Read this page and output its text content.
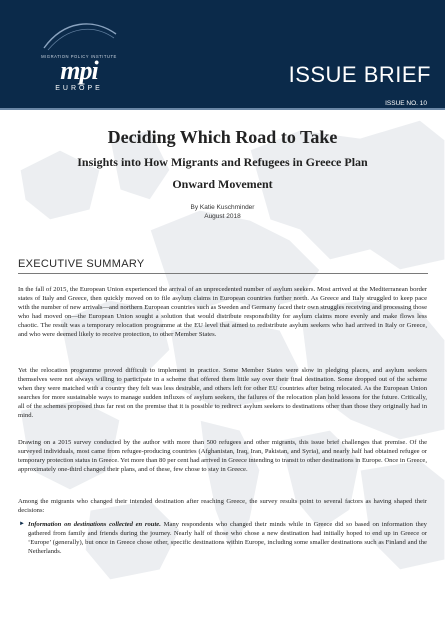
MIGRATION POLICY INSTITUTE
mpi
EUROPE
ISSUE BRIEF
ISSUE NO. 10
Deciding Which Road to Take
Insights into How Migrants and Refugees in Greece Plan
Onward Movement
By Katie Kuschminder
August 2018
EXECUTIVE SUMMARY
In the fall of 2015, the European Union experienced the arrival of an unprecedented number of asylum seekers. Most arrived at the Mediterranean border states of Italy and Greece, then quickly moved on to file asylum claims in European countries further north. As Greece and Italy struggled to keep pace with the number of new arrivals—and northern European countries such as Sweden and Germany faced their own struggles receiving and processing those who had moved on—the European Union sought a solution that would distribute responsibility for asylum claims more evenly and make flows less chaotic. The result was a temporary relocation programme at the EU level that aimed to redistribute asylum seekers who had arrived in Italy or Greece, and who were deemed likely to receive protection, to other Member States.
Yet the relocation programme proved difficult to implement in practice. Some Member States were slow in pledging places, and asylum seekers themselves were not always willing to participate in a scheme that offered them little say over their final destination. Some dropped out of the scheme when they were matched with a country they felt was less desirable, and others left for other EU countries after being relocated. As the European Union searches for more sustainable ways to manage sudden influxes of asylum seekers, the failures of the relocation plan hold lessons for the future. Critically, all of the schemes proposed thus far rest on the premise that it is possible to redirect asylum seekers to destinations other than those they originally had in mind.
Drawing on a 2015 survey conducted by the author with more than 500 refugees and other migrants, this issue brief challenges that premise. Of the surveyed individuals, most came from refugee-producing countries (Afghanistan, Iraq, Iran, Pakistan, and Syria), and nearly half had obtained refugee or temporary protection status in Greece. Yet more than 80 per cent had arrived in Greece intending to transit to other destinations in Europe. Once in Greece, approximately one-third changed their plans, and of these, few chose to stay in Greece.
Among the migrants who changed their intended destination after reaching Greece, the survey results point to several factors as having shaped their decisions:
► Information on destinations collected en route. Many respondents who changed their minds while in Greece did so based on information they gathered from family and friends during the journey. Nearly half of those who chose a new destination had initially hoped to end up in Greece or ‘Europe’ (generally), but once in Greece chose other, specific destinations within Europe, including some smaller destinations such as Finland and the Netherlands.
